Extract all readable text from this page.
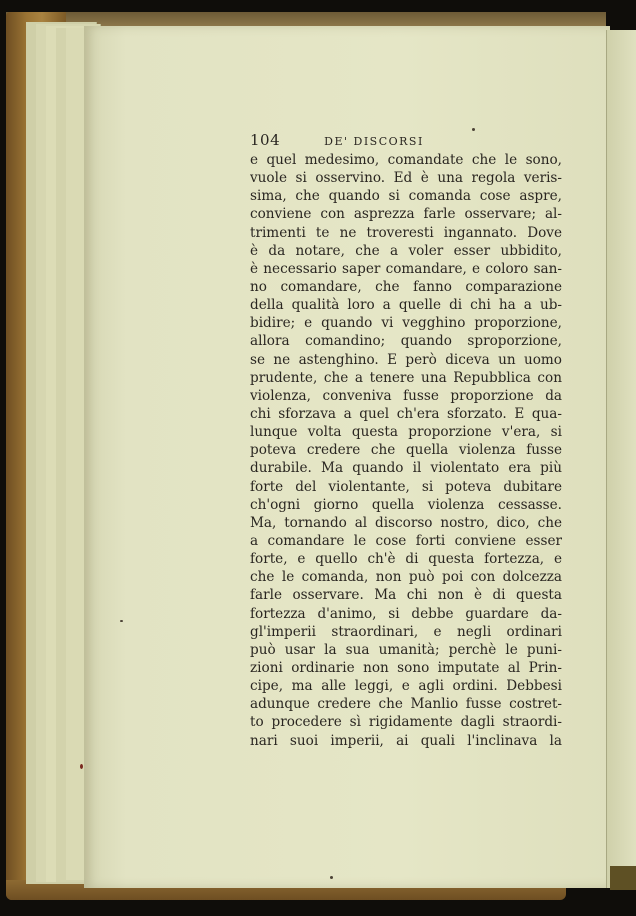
104	DE' DISCORSI
e quel medesimo, comandate che le sono,
vuole si osservino. Ed è una regola veris-
sima, che quando si comanda cose aspre,
conviene con asprezza farle osservare; al-
trimenti te ne troveresti ingannato. Dove
è da notare, che a voler esser ubbidito,
è necessario saper comandare, e coloro san-
no comandare, che fanno comparazione
della qualità loro a quelle di chi ha a ub-
bidire; e quando vi vegghino proporzione,
allora comandino; quando sproporzione,
se ne astenghino. E però diceva un uomo
prudente, che a tenere una Repubblica con
violenza, conveniva fusse proporzione da
chi sforzava a quel ch'era sforzato. E qua-
lunque volta questa proporzione v'era, si
poteva credere che quella violenza fusse
durabile. Ma quando il violentato era più
forte del violentante, si poteva dubitare
ch'ogni giorno quella violenza cessasse.
Ma, tornando al discorso nostro, dico, che
a comandare le cose forti conviene esser
forte, e quello ch'è di questa fortezza, e
che le comanda, non può poi con dolcezza
farle osservare. Ma chi non è di questa
fortezza d'animo, si debbe guardare da-
gl'imperii straordinari, e negli ordinari
può usar la sua umanità; perchè le puni-
zioni ordinarie non sono imputate al Prin-
cipe, ma alle leggi, e agli ordini. Debbesi
adunque credere che Manlio fusse costret-
to procedere sì rigidamente dagli straordi-
nari suoi imperii, ai quali l'inclinava la
